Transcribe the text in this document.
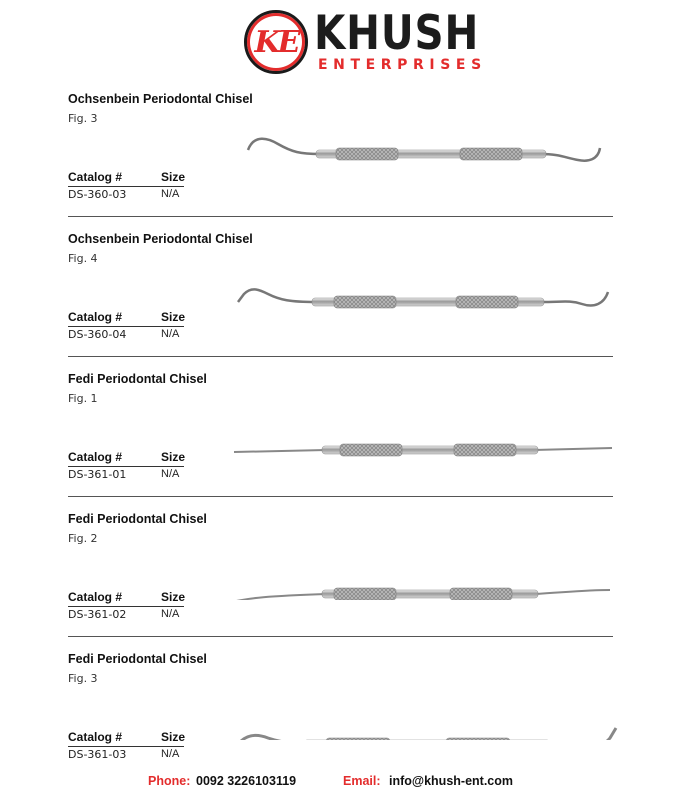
KE KHUSH
ENTERPRISES
Ochsenbein Periodontal Chisel
Fig. 3
Catalog #	Size
DS-360-03	N/A
Ochsenbein Periodontal Chisel
Fig. 4
Catalog #	Size
DS-360-04	N/A
Fedi Periodontal Chisel
Fig. 1
Catalog #	Size
DS-361-01	N/A
Fedi Periodontal Chisel
Fig. 2
Catalog #	Size
DS-361-02	N/A
Fedi Periodontal Chisel
Fig. 3
Catalog #	Size
DS-361-03	N/A
Phone: 0092 3226103119	Email: info@khush-ent.com
